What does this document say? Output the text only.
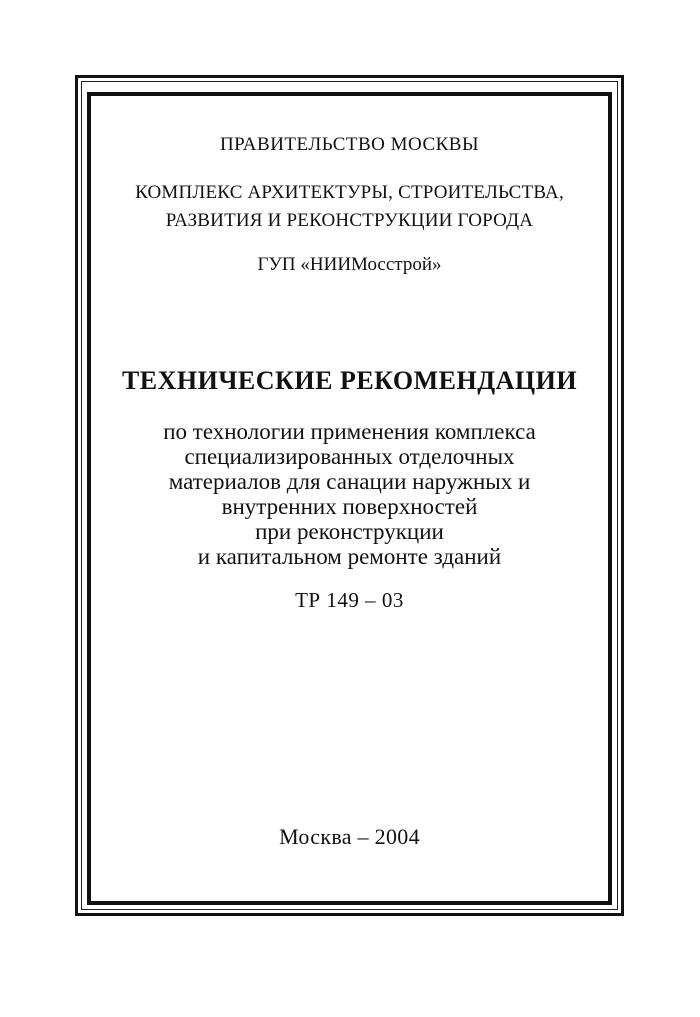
ПРАВИТЕЛЬСТВО МОСКВЫ
КОМПЛЕКС АРХИТЕКТУРЫ, СТРОИТЕЛЬСТВА,
РАЗВИТИЯ И РЕКОНСТРУКЦИИ ГОРОДА
ГУП «НИИМосстрой»
ТЕХНИЧЕСКИЕ РЕКОМЕНДАЦИИ
по технологии применения комплекса
специализированных отделочных
материалов для санации наружных и
внутренних поверхностей
при реконструкции
и капитальном ремонте зданий
ТР 149 – 03
Москва – 2004
